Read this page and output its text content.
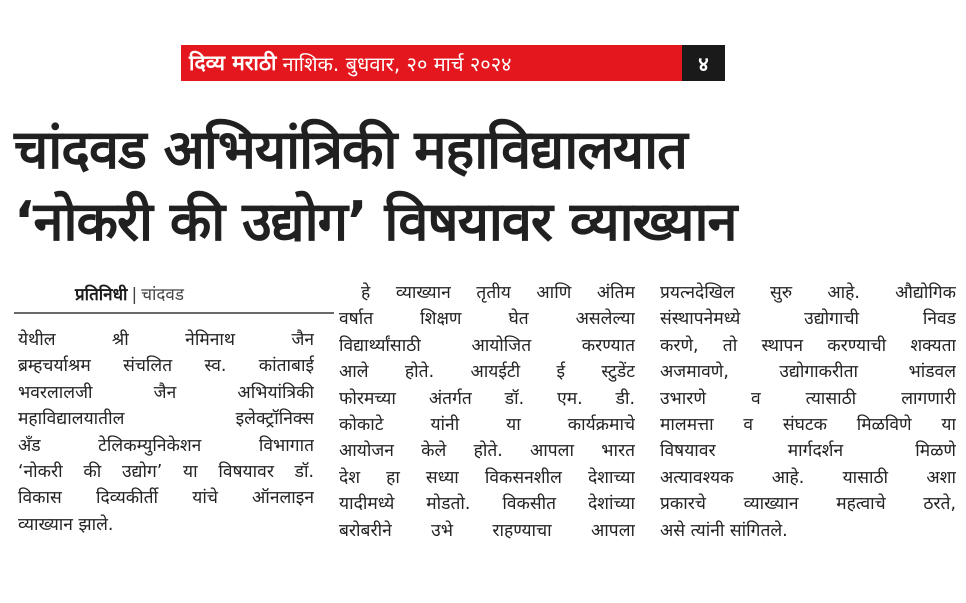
दिव्य मराठी नाशिक. बुधवार, २० मार्च २०२४	४
चांदवड अभियांत्रिकी महाविद्यालयात
‘नोकरी की उद्योग’ विषयावर व्याख्यान
प्रतिनिधी | चांदवड
येथील श्री नेमिनाथ जैन
ब्रम्हचर्याश्रम संचलित स्व. कांताबाई
भवरलालजी जैन अभियांत्रिकी
महाविद्यालयातील इलेक्ट्रॉनिक्स
अँड टेलिकम्युनिकेशन विभागात
‘नोकरी की उद्योग’ या विषयावर डॉ.
विकास दिव्यकीर्ती यांचे ऑनलाइन
व्याख्यान झाले.
हे व्याख्यान तृतीय आणि अंतिम
वर्षात शिक्षण घेत असलेल्या
विद्यार्थ्यांसाठी आयोजित करण्यात
आले होते. आयईटी ई स्टुडेंट
फोरमच्या अंतर्गत डॉ. एम. डी.
कोकाटे यांनी या कार्यक्रमाचे
आयोजन केले होते. आपला भारत
देश हा सध्या विकसनशील देशाच्या
यादीमध्ये मोडतो. विकसीत देशांच्या
बरोबरीने उभे राहण्याचा आपला
प्रयत्नदेखिल सुरु आहे. औद्योगिक
संस्थापनेमध्ये उद्योगाची निवड
करणे, तो स्थापन करण्याची शक्यता
अजमावणे, उद्योगाकरीता भांडवल
उभारणे व त्यासाठी लागणारी
मालमत्ता व संघटक मिळविणे या
विषयावर मार्गदर्शन मिळणे
अत्यावश्यक आहे. यासाठी अशा
प्रकारचे व्याख्यान महत्वाचे ठरते,
असे त्यांनी सांगितले.
